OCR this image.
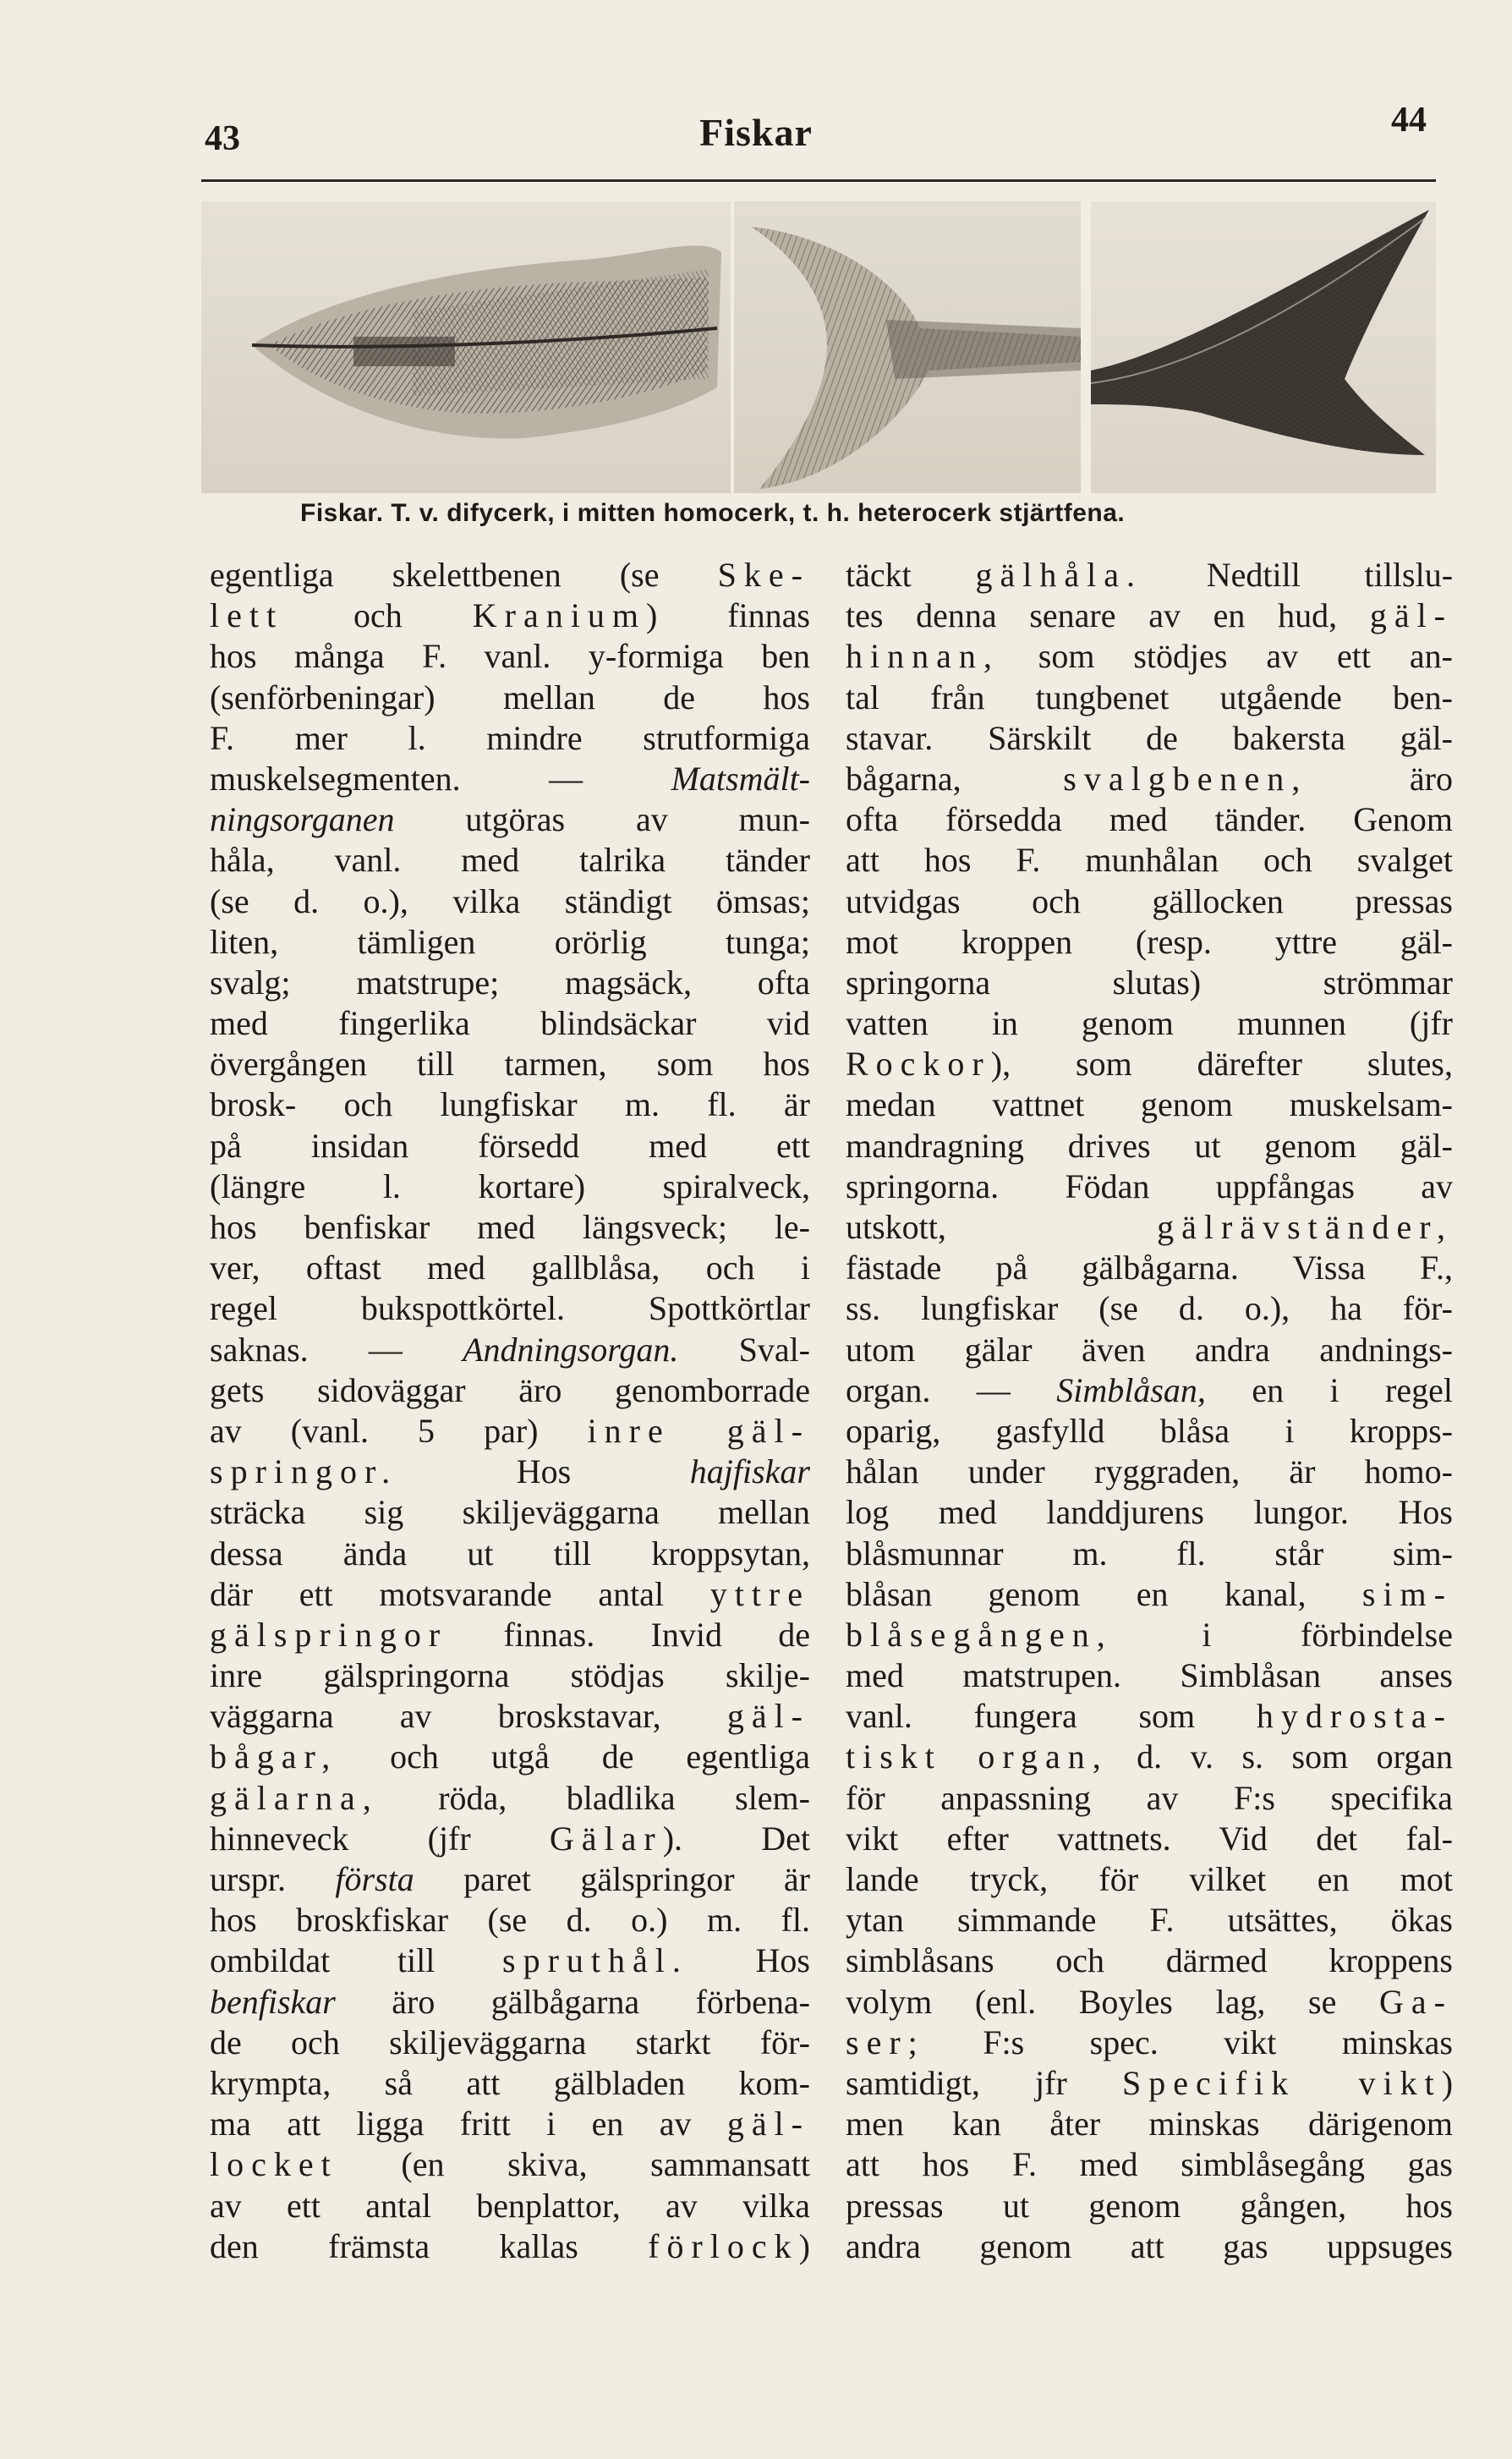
43	Fiskar	44
Fiskar. T. v. difycerk, i mitten homocerk, t. h. heterocerk stjärtfena.
egentliga skelettbenen (se Ske-
lett och Kranium) finnas
hos många F. vanl. y-formiga ben
(senförbeningar) mellan de hos
F. mer l. mindre strutformiga
muskelsegmenten. — Matsmält-
ningsorganen utgöras av mun-
håla, vanl. med talrika tänder
(se d. o.), vilka ständigt ömsas;
liten, tämligen orörlig tunga;
svalg; matstrupe; magsäck, ofta
med fingerlika blindsäckar vid
övergången till tarmen, som hos
brosk- och lungfiskar m. fl. är
på insidan försedd med ett
(längre l. kortare) spiralveck,
hos benfiskar med längsveck; le-
ver, oftast med gallblåsa, och i
regel bukspottkörtel. Spottkörtlar
saknas. — Andningsorgan. Sval-
gets sidoväggar äro genomborrade
av (vanl. 5 par) inre gäl-
springor. Hos hajfiskar
sträcka sig skiljeväggarna mellan
dessa ända ut till kroppsytan,
där ett motsvarande antal yttre
gälspringor finnas. Invid de
inre gälspringorna stödjas skilje-
väggarna av broskstavar, gäl-
bågar, och utgå de egentliga
gälarna, röda, bladlika slem-
hinneveck (jfr Gälar). Det
urspr. första paret gälspringor är
hos broskfiskar (se d. o.) m. fl.
ombildat till spruthål. Hos
benfiskar äro gälbågarna förbena-
de och skiljeväggarna starkt för-
krympta, så att gälbladen kom-
ma att ligga fritt i en av gäl-
locket (en skiva, sammansatt
av ett antal benplattor, av vilka
den främsta kallas förlock)
täckt gälhåla. Nedtill tillslu-
tes denna senare av en hud, gäl-
hinnan, som stödjes av ett an-
tal från tungbenet utgående ben-
stavar. Särskilt de bakersta gäl-
bågarna, svalgbenen, äro
ofta försedda med tänder. Genom
att hos F. munhålan och svalget
utvidgas och gällocken pressas
mot kroppen (resp. yttre gäl-
springorna slutas) strömmar
vatten in genom munnen (jfr
Rockor), som därefter slutes,
medan vattnet genom muskelsam-
mandragning drives ut genom gäl-
springorna. Födan uppfångas av
utskott, gälrävständer,
fästade på gälbågarna. Vissa F.,
ss. lungfiskar (se d. o.), ha för-
utom gälar även andra andnings-
organ. — Simblåsan, en i regel
oparig, gasfylld blåsa i kropps-
hålan under ryggraden, är homo-
log med landdjurens lungor. Hos
blåsmunnar m. fl. står sim-
blåsan genom en kanal, sim-
blåsegången, i förbindelse
med matstrupen. Simblåsan anses
vanl. fungera som hydrosta-
tiskt organ, d. v. s. som organ
för anpassning av F:s specifika
vikt efter vattnets. Vid det fal-
lande tryck, för vilket en mot
ytan simmande F. utsättes, ökas
simblåsans och därmed kroppens
volym (enl. Boyles lag, se Ga-
ser; F:s spec. vikt minskas
samtidigt, jfr Specifik vikt)
men kan åter minskas därigenom
att hos F. med simblåsegång gas
pressas ut genom gången, hos
andra genom att gas uppsuges
